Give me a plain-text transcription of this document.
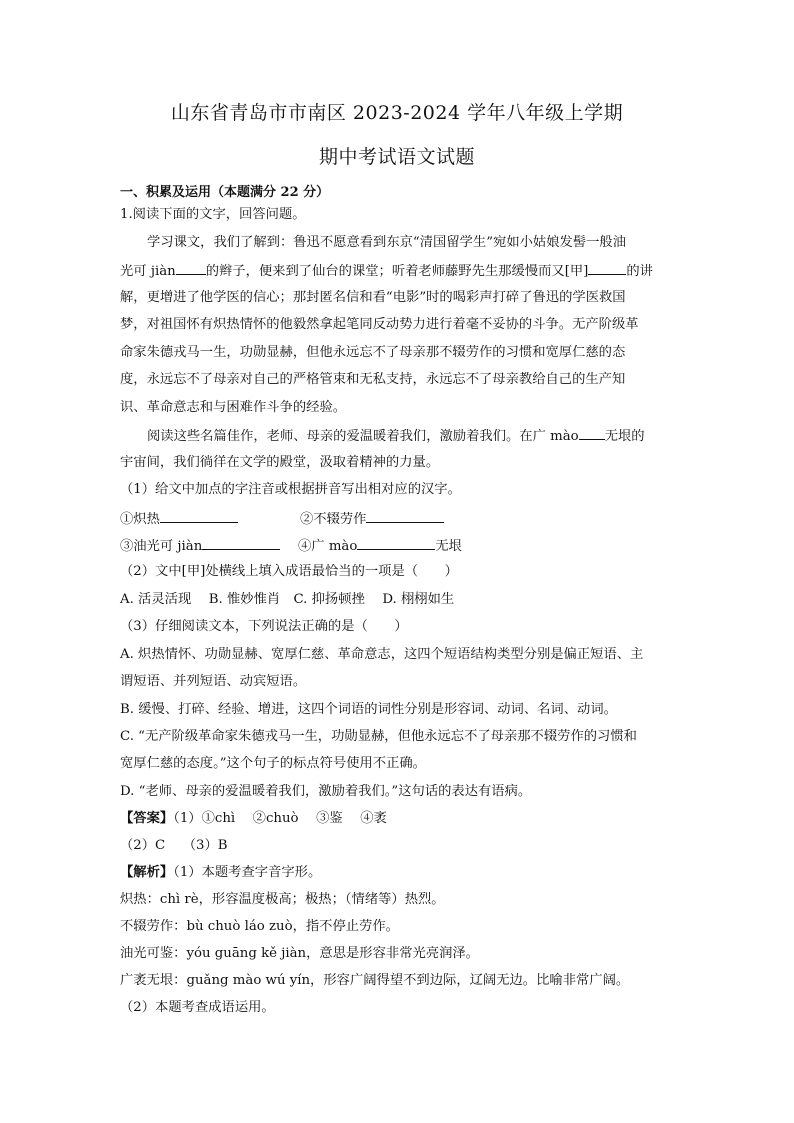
山东省青岛市市南区 2023-2024 学年八年级上学期
期中考试语文试题
一、积累及运用（本题满分 22 分）
1.阅读下面的文字，回答问题。
学习课文，我们了解到：鲁迅不愿意看到东京“清国留学生”宛如小姑娘发髻一般油
光可 jiàn 的辫子，便来到了仙台的课堂；听着老师藤野先生那缓慢而又[甲]	的讲
解，更增进了他学医的信心；那封匿名信和看“电影”时的喝彩声打碎了鲁迅的学医救国
梦，对祖国怀有炽热情怀的他毅然拿起笔同反动势力进行着毫不妥协的斗争。无产阶级革
命家朱德戎马一生，功勋显赫，但他永远忘不了母亲那不辍劳作的习惯和宽厚仁慈的态
度，永远忘不了母亲对自己的严格管束和无私支持，永远忘不了母亲教给自己的生产知
识、革命意志和与困难作斗争的经验。
阅读这些名篇佳作，老师、母亲的爱温暖着我们，激励着我们。在广 mào 无垠的
宇宙间，我们徜徉在文学的殿堂，汲取着精神的力量。
（1）给文中加点的字注音或根据拼音写出相对应的汉字。
①炽热	②不辍劳作
③油光可 jiàn	④广 mào	无垠
（2）文中[甲]处横线上填入成语最恰当的一项是（　　）
A. 活灵活现　 B. 惟妙惟肖　C. 抑扬顿挫　 D. 栩栩如生
（3）仔细阅读文本，下列说法正确的是（　　）
A. 炽热情怀、功勋显赫、宽厚仁慈、革命意志，这四个短语结构类型分别是偏正短语、主
谓短语、并列短语、动宾短语。
B. 缓慢、打碎、经验、增进，这四个词语的词性分别是形容词、动词、名词、动词。
C. “无产阶级革命家朱德戎马一生，功勋显赫，但他永远忘不了母亲那不辍劳作的习惯和
宽厚仁慈的态度。”这个句子的标点符号使用不正确。
D. “老师、母亲的爱温暖着我们，激励着我们。”这句话的表达有语病。
【答案】（1）①chì　 ②chuò　 ③鉴　 ④袤
（2）C　 （3）B
【解析】（1）本题考查字音字形。
炽热：chì rè，形容温度极高；极热；（情绪等）热烈。
不辍劳作：bù chuò láo zuò，指不停止劳作。
油光可鉴：yóu guāng kě jiàn，意思是形容非常光亮润泽。
广袤无垠：guǎng mào wú yín，形容广阔得望不到边际，辽阔无边。比喻非常广阔。
（2）本题考查成语运用。
